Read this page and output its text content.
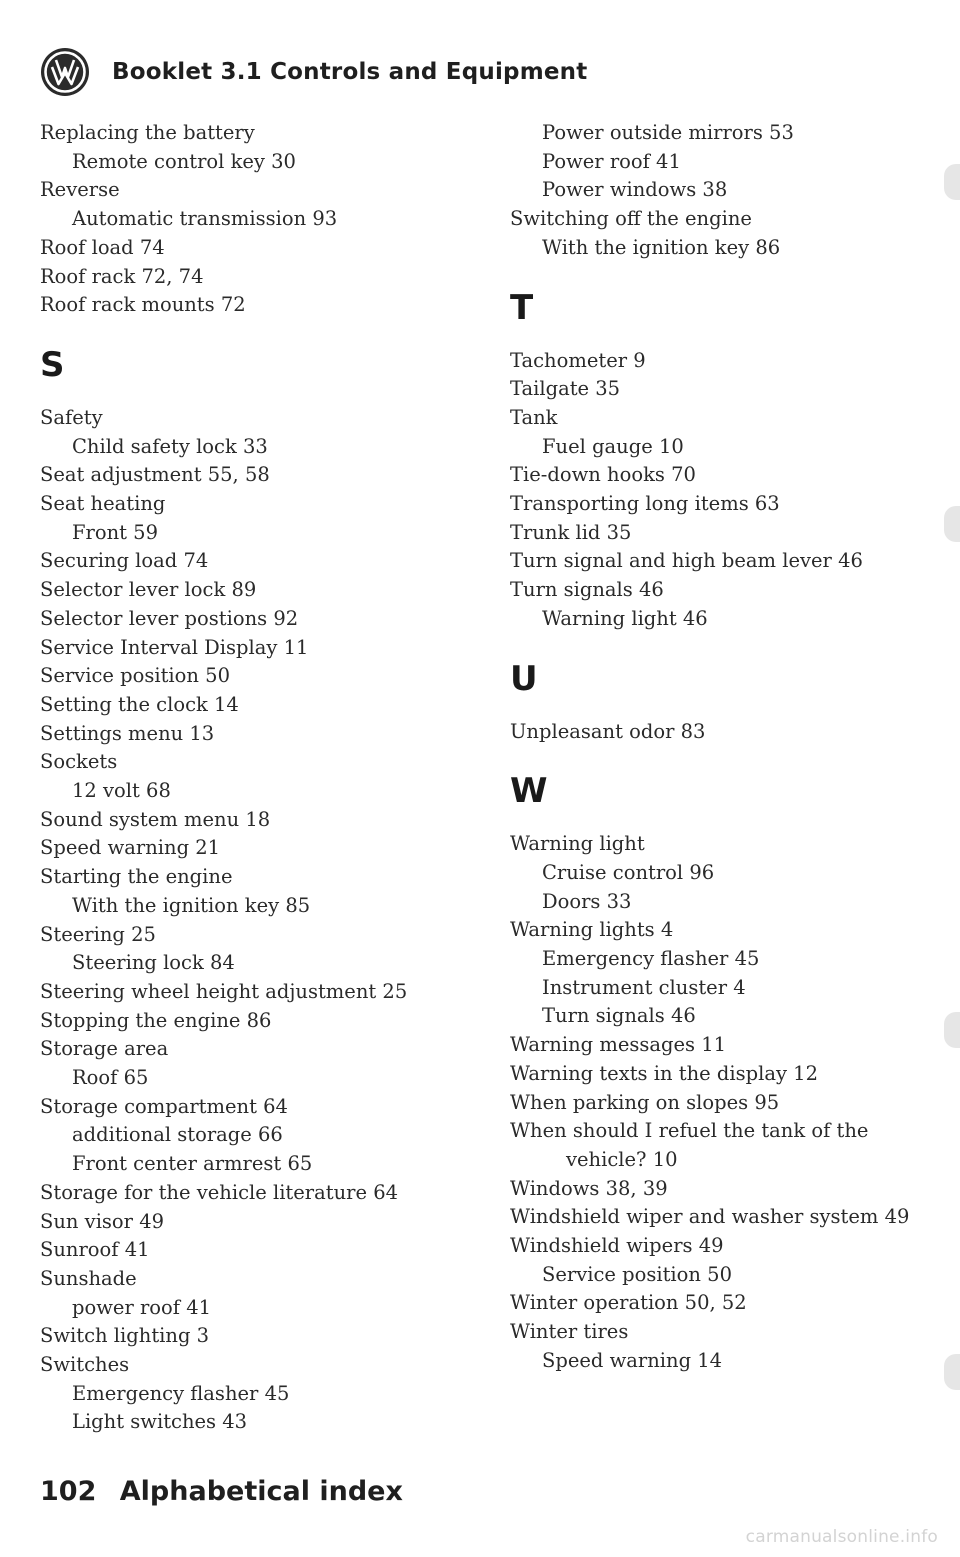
Booklet 3.1 Controls and Equipment
Replacing the battery
Remote control key 30
Reverse
Automatic transmission 93
Roof load 74
Roof rack 72, 74
Roof rack mounts 72
S
Safety
Child safety lock 33
Seat adjustment 55, 58
Seat heating
Front 59
Securing load 74
Selector lever lock 89
Selector lever postions 92
Service Interval Display 11
Service position 50
Setting the clock 14
Settings menu 13
Sockets
12 volt 68
Sound system menu 18
Speed warning 21
Starting the engine
With the ignition key 85
Steering 25
Steering lock 84
Steering wheel height adjustment 25
Stopping the engine 86
Storage area
Roof 65
Storage compartment 64
additional storage 66
Front center armrest 65
Storage for the vehicle literature 64
Sun visor 49
Sunroof 41
Sunshade
power roof 41
Switch lighting 3
Switches
Emergency flasher 45
Light switches 43
Power outside mirrors 53
Power roof 41
Power windows 38
Switching off the engine
With the ignition key 86
T
Tachometer 9
Tailgate 35
Tank
Fuel gauge 10
Tie-down hooks 70
Transporting long items 63
Trunk lid 35
Turn signal and high beam lever 46
Turn signals 46
Warning light 46
U
Unpleasant odor 83
W
Warning light
Cruise control 96
Doors 33
Warning lights 4
Emergency flasher 45
Instrument cluster 4
Turn signals 46
Warning messages 11
Warning texts in the display 12
When parking on slopes 95
When should I refuel the tank of the
vehicle? 10
Windows 38, 39
Windshield wiper and washer system 49
Windshield wipers 49
Service position 50
Winter operation 50, 52
Winter tires
Speed warning 14
102 Alphabetical index
carmanualsonline.info
